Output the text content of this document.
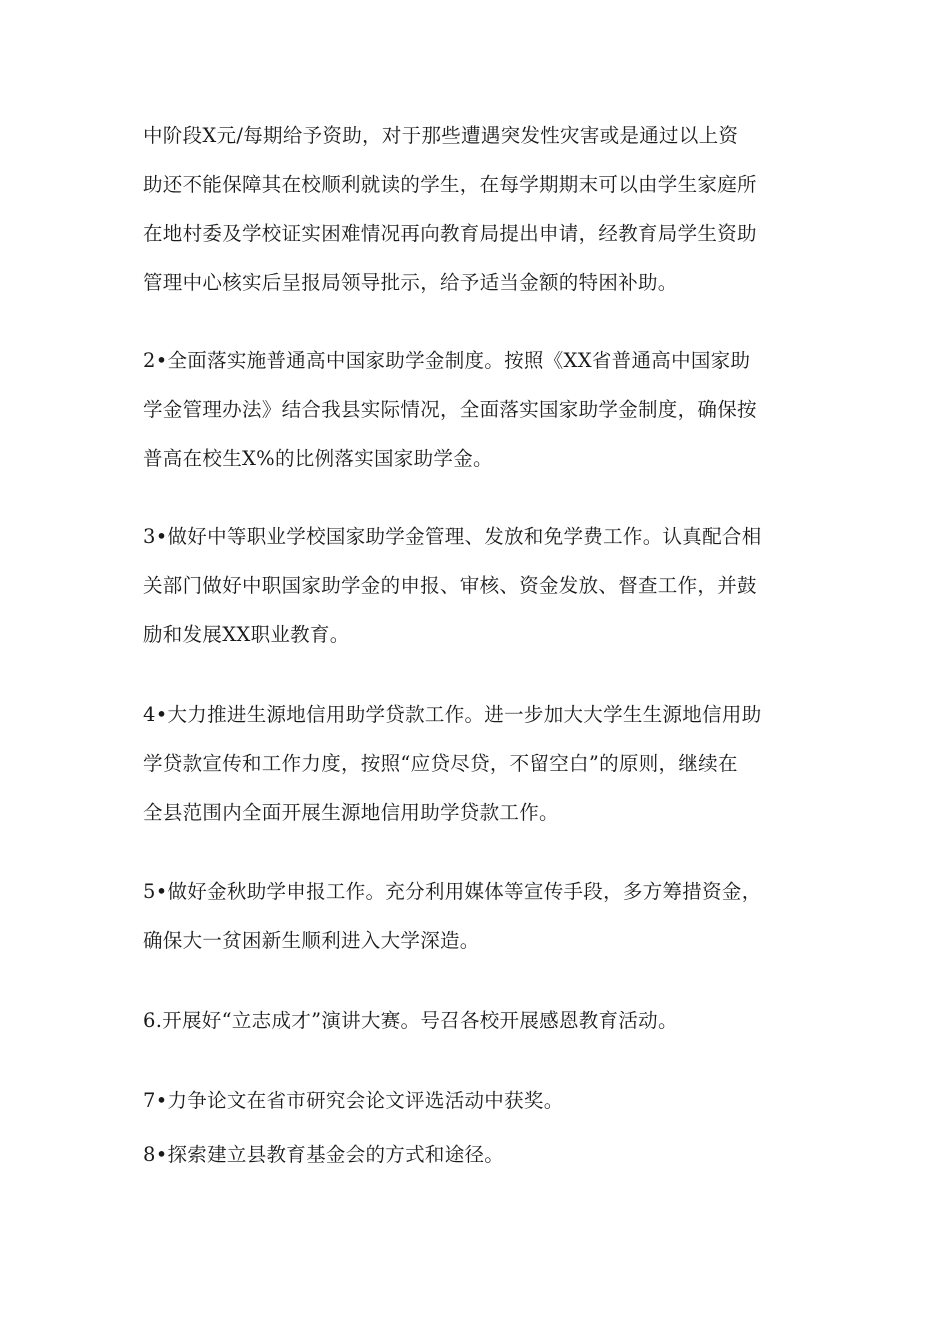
中阶段X元/每期给予资助，对于那些遭遇突发性灾害或是通过以上资
助还不能保障其在校顺利就读的学生，在每学期期末可以由学生家庭所
在地村委及学校证实困难情况再向教育局提出申请，经教育局学生资助
管理中心核实后呈报局领导批示，给予适当金额的特困补助。
2•全面落实施普通高中国家助学金制度。按照《XX省普通高中国家助
学金管理办法》结合我县实际情况，全面落实国家助学金制度，确保按
普高在校生X%的比例落实国家助学金。
3•做好中等职业学校国家助学金管理、发放和免学费工作。认真配合相
关部门做好中职国家助学金的申报、审核、资金发放、督查工作，并鼓
励和发展XX职业教育。
4•大力推进生源地信用助学贷款工作。进一步加大大学生生源地信用助
学贷款宣传和工作力度，按照“应贷尽贷，不留空白”的原则，继续在
全县范围内全面开展生源地信用助学贷款工作。
5•做好金秋助学申报工作。充分利用媒体等宣传手段，多方筹措资金，
确保大一贫困新生顺利进入大学深造。
6.开展好“立志成才”演讲大赛。号召各校开展感恩教育活动。
7•力争论文在省市研究会论文评选活动中获奖。
8•探索建立县教育基金会的方式和途径。
